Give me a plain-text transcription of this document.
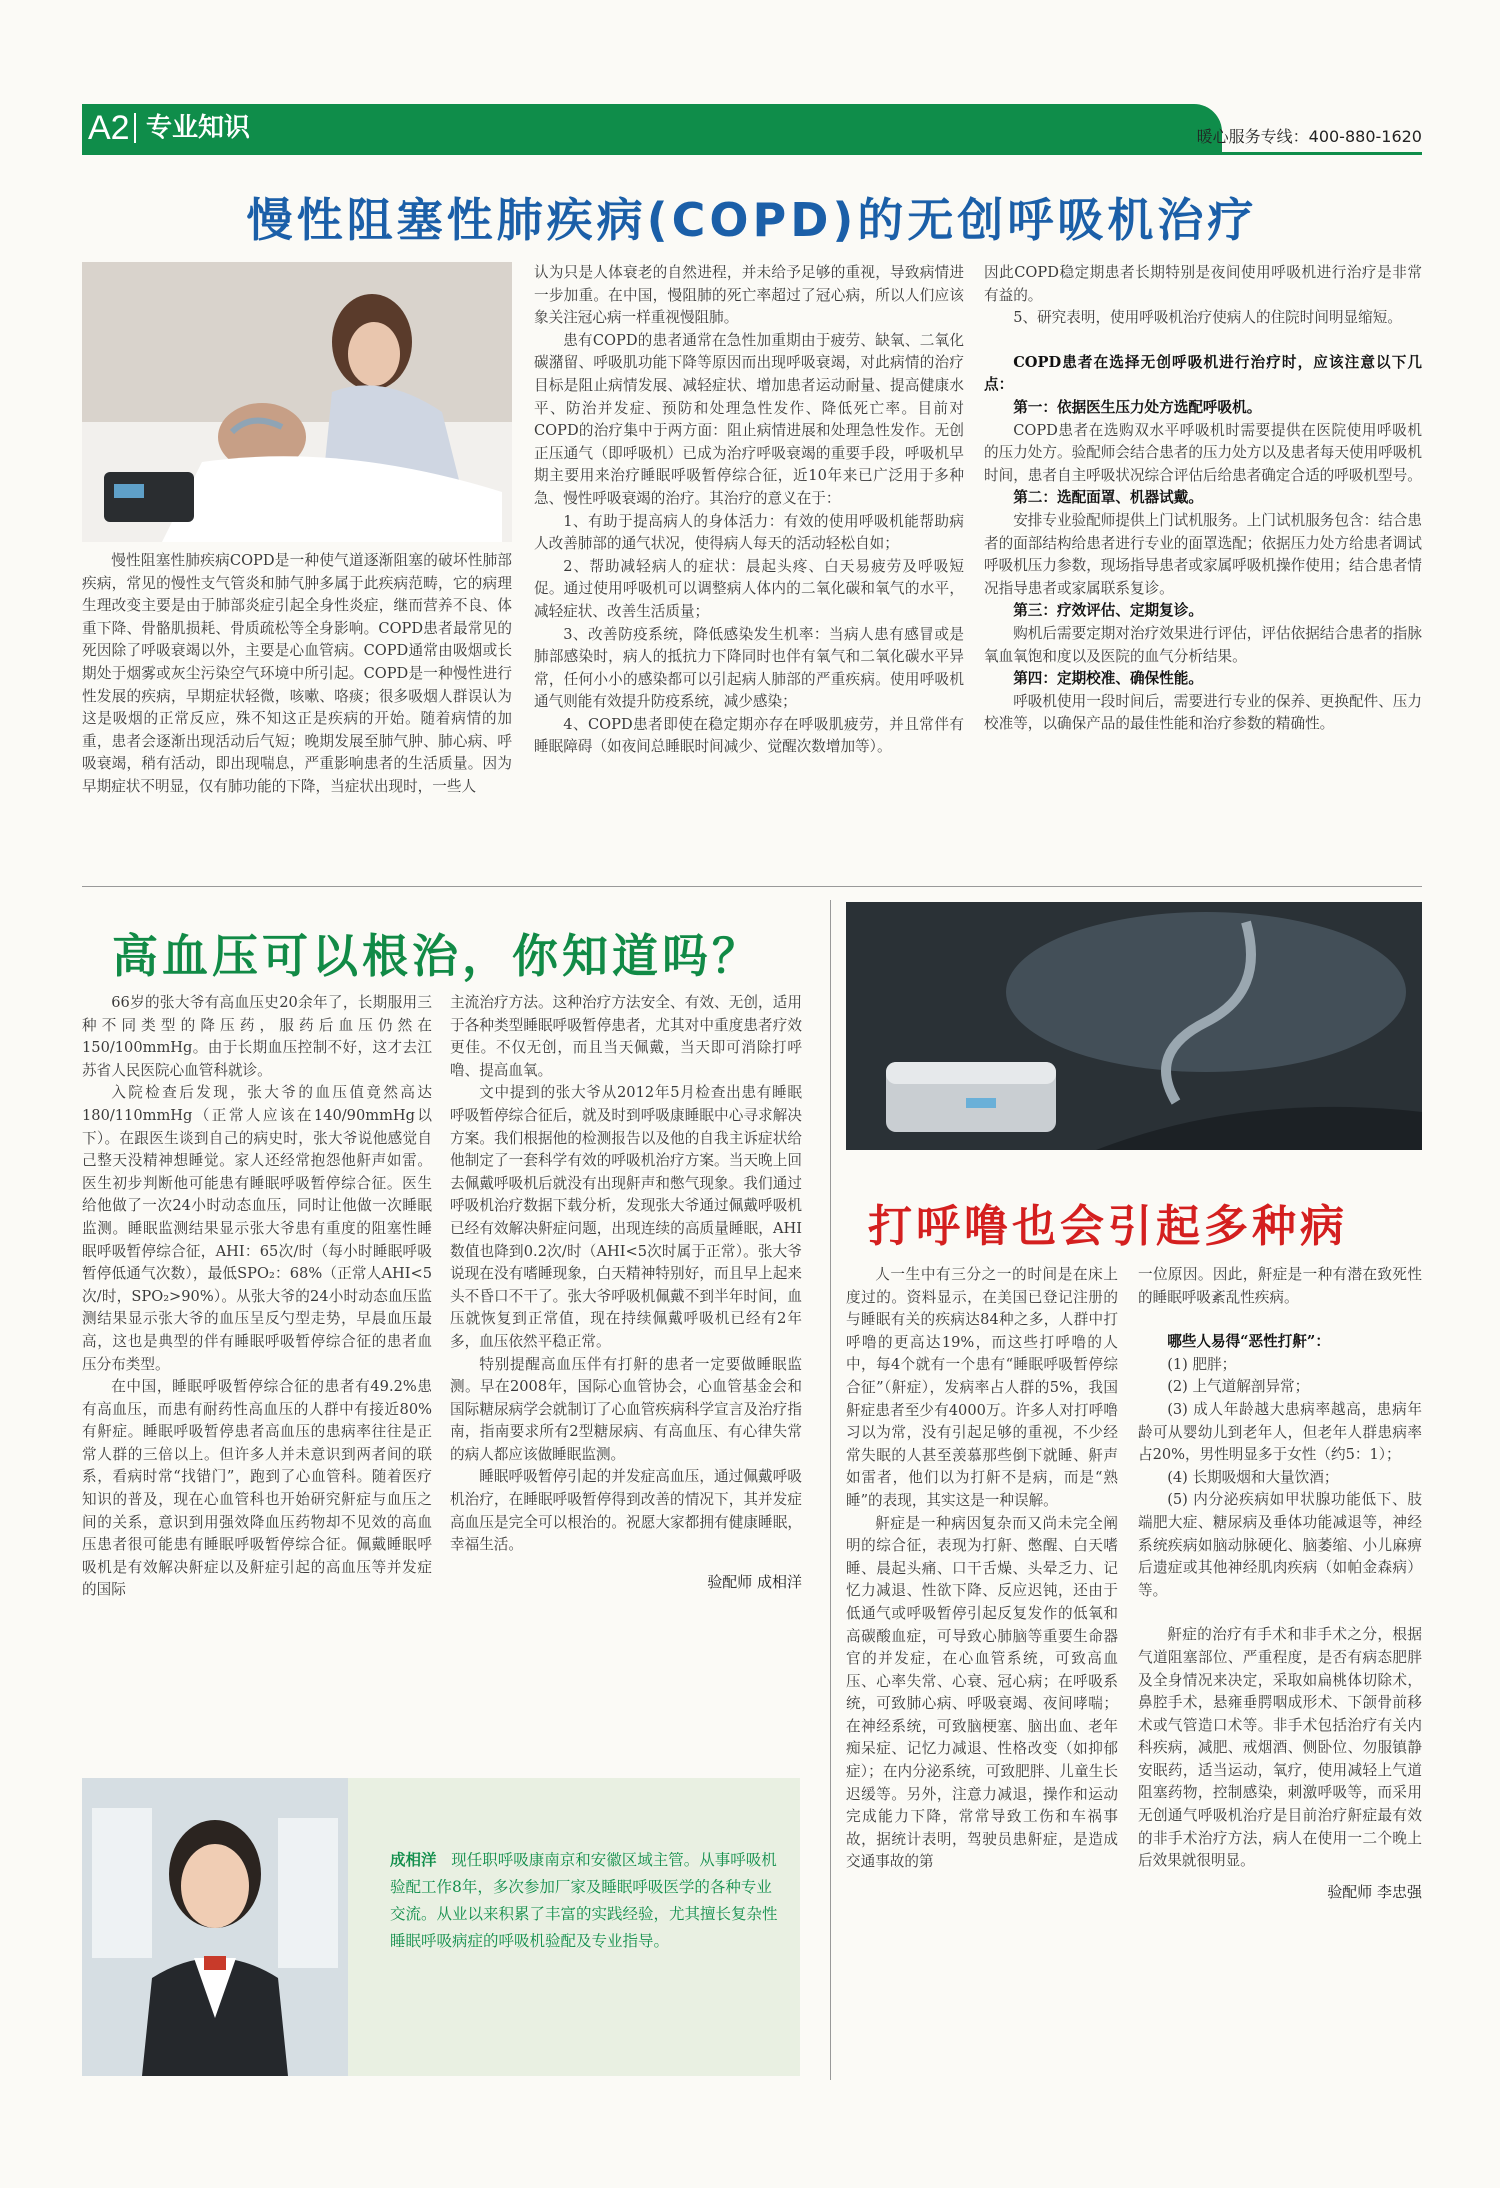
A2 专业知识	暖心服务专线：400-880-1620
慢性阻塞性肺疾病(COPD)的无创呼吸机治疗

慢性阻塞性肺疾病COPD是一种使气道逐渐阻塞的破坏性肺部疾病，常见的慢性支气管炎和肺气肿多属于此疾病范畴，它的病理生理改变主要是由于肺部炎症引起全身性炎症，继而营养不良、体重下降、骨骼肌损耗、骨质疏松等全身影响。COPD患者最常见的死因除了呼吸衰竭以外，主要是心血管病。COPD通常由吸烟或长期处于烟雾或灰尘污染空气环境中所引起。COPD是一种慢性进行性发展的疾病，早期症状轻微，咳嗽、咯痰；很多吸烟人群误认为这是吸烟的正常反应，殊不知这正是疾病的开始。随着病情的加重，患者会逐渐出现活动后气短；晚期发展至肺气肿、肺心病、呼吸衰竭，稍有活动，即出现喘息，严重影响患者的生活质量。因为早期症状不明显，仅有肺功能的下降，当症状出现时，一些人

认为只是人体衰老的自然进程，并未给予足够的重视，导致病情进一步加重。在中国，慢阻肺的死亡率超过了冠心病，所以人们应该象关注冠心病一样重视慢阻肺。

患有COPD的患者通常在急性加重期由于疲劳、缺氧、二氧化碳潴留、呼吸肌功能下降等原因而出现呼吸衰竭，对此病情的治疗目标是阻止病情发展、减轻症状、增加患者运动耐量、提高健康水平、防治并发症、预防和处理急性发作、降低死亡率。目前对COPD的治疗集中于两方面：阻止病情进展和处理急性发作。无创正压通气（即呼吸机）已成为治疗呼吸衰竭的重要手段，呼吸机早期主要用来治疗睡眠呼吸暂停综合征，近10年来已广泛用于多种急、慢性呼吸衰竭的治疗。其治疗的意义在于：

1、有助于提高病人的身体活力：有效的使用呼吸机能帮助病人改善肺部的通气状况，使得病人每天的活动轻松自如；

2、帮助减轻病人的症状：晨起头疼、白天易疲劳及呼吸短促。通过使用呼吸机可以调整病人体内的二氧化碳和氧气的水平，减轻症状、改善生活质量；

3、改善防疫系统，降低感染发生机率：当病人患有感冒或是肺部感染时，病人的抵抗力下降同时也伴有氧气和二氧化碳水平异常，任何小小的感染都可以引起病人肺部的严重疾病。使用呼吸机通气则能有效提升防疫系统，减少感染；

4、COPD患者即使在稳定期亦存在呼吸肌疲劳，并且常伴有睡眠障碍（如夜间总睡眠时间减少、觉醒次数增加等）。

因此COPD稳定期患者长期特别是夜间使用呼吸机进行治疗是非常有益的。

5、研究表明，使用呼吸机治疗使病人的住院时间明显缩短。

COPD患者在选择无创呼吸机进行治疗时，应该注意以下几点：

第一：依据医生压力处方选配呼吸机。

COPD患者在选购双水平呼吸机时需要提供在医院使用呼吸机的压力处方。验配师会结合患者的压力处方以及患者每天使用呼吸机时间，患者自主呼吸状况综合评估后给患者确定合适的呼吸机型号。

第二：选配面罩、机器试戴。

安排专业验配师提供上门试机服务。上门试机服务包含：结合患者的面部结构给患者进行专业的面罩选配；依据压力处方给患者调试呼吸机压力参数，现场指导患者或家属呼吸机操作使用；结合患者情况指导患者或家属联系复诊。

第三：疗效评估、定期复诊。

购机后需要定期对治疗效果进行评估，评估依据结合患者的指脉氧血氧饱和度以及医院的血气分析结果。

第四：定期校准、确保性能。

呼吸机使用一段时间后，需要进行专业的保养、更换配件、压力校准等，以确保产品的最佳性能和治疗参数的精确性。

高血压可以根治，你知道吗？

66岁的张大爷有高血压史20余年了，长期服用三种不同类型的降压药，服药后血压仍然在150/100mmHg。由于长期血压控制不好，这才去江苏省人民医院心血管科就诊。

入院检查后发现，张大爷的血压值竟然高达180/110mmHg（正常人应该在140/90mmHg以下）。在跟医生谈到自己的病史时，张大爷说他感觉自己整天没精神想睡觉。家人还经常抱怨他鼾声如雷。医生初步判断他可能患有睡眠呼吸暂停综合征。医生给他做了一次24小时动态血压，同时让他做一次睡眠监测。睡眠监测结果显示张大爷患有重度的阻塞性睡眠呼吸暂停综合征，AHI：65次/时（每小时睡眠呼吸暂停低通气次数），最低SPO₂：68%（正常人AHI<5次/时，SPO₂>90%）。从张大爷的24小时动态血压监测结果显示张大爷的血压呈反勺型走势，早晨血压最高，这也是典型的伴有睡眠呼吸暂停综合征的患者血压分布类型。

在中国，睡眠呼吸暂停综合征的患者有49.2%患有高血压，而患有耐药性高血压的人群中有接近80%有鼾症。睡眠呼吸暂停患者高血压的患病率往往是正常人群的三倍以上。但许多人并未意识到两者间的联系，看病时常“找错门”，跑到了心血管科。随着医疗知识的普及，现在心血管科也开始研究鼾症与血压之间的关系，意识到用强效降血压药物却不见效的高血压患者很可能患有睡眠呼吸暂停综合征。佩戴睡眠呼吸机是有效解决鼾症以及鼾症引起的高血压等并发症的国际

主流治疗方法。这种治疗方法安全、有效、无创，适用于各种类型睡眠呼吸暂停患者，尤其对中重度患者疗效更佳。不仅无创，而且当天佩戴，当天即可消除打呼噜、提高血氧。

文中提到的张大爷从2012年5月检查出患有睡眠呼吸暂停综合征后，就及时到呼吸康睡眠中心寻求解决方案。我们根据他的检测报告以及他的自我主诉症状给他制定了一套科学有效的呼吸机治疗方案。当天晚上回去佩戴呼吸机后就没有出现鼾声和憋气现象。我们通过呼吸机治疗数据下载分析，发现张大爷通过佩戴呼吸机已经有效解决鼾症问题，出现连续的高质量睡眠，AHI数值也降到0.2次/时（AHI<5次时属于正常）。张大爷说现在没有嗜睡现象，白天精神特别好，而且早上起来头不昏口不干了。张大爷呼吸机佩戴不到半年时间，血压就恢复到正常值，现在持续佩戴呼吸机已经有2年多，血压依然平稳正常。

特别提醒高血压伴有打鼾的患者一定要做睡眠监测。早在2008年，国际心血管协会，心血管基金会和国际糖尿病学会就制订了心血管疾病科学宣言及治疗指南，指南要求所有2型糖尿病、有高血压、有心律失常的病人都应该做睡眠监测。

睡眠呼吸暂停引起的并发症高血压，通过佩戴呼吸机治疗，在睡眠呼吸暂停得到改善的情况下，其并发症高血压是完全可以根治的。祝愿大家都拥有健康睡眠，幸福生活。

验配师 成相洋

成相洋 现任职呼吸康南京和安徽区域主管。从事呼吸机验配工作8年，多次参加厂家及睡眠呼吸医学的各种专业交流。从业以来积累了丰富的实践经验，尤其擅长复杂性睡眠呼吸病症的呼吸机验配及专业指导。
打呼噜也会引起多种病

人一生中有三分之一的时间是在床上度过的。资料显示，在美国已登记注册的与睡眠有关的疾病达84种之多，人群中打呼噜的更高达19%，而这些打呼噜的人中，每4个就有一个患有“睡眠呼吸暂停综合征”（鼾症），发病率占人群的5%，我国鼾症患者至少有4000万。许多人对打呼噜习以为常，没有引起足够的重视，不少经常失眠的人甚至羡慕那些倒下就睡、鼾声如雷者，他们以为打鼾不是病，而是“熟睡”的表现，其实这是一种误解。

鼾症是一种病因复杂而又尚未完全阐明的综合征，表现为打鼾、憋醒、白天嗜睡、晨起头痛、口干舌燥、头晕乏力、记忆力减退、性欲下降、反应迟钝，还由于低通气或呼吸暂停引起反复发作的低氧和高碳酸血症，可导致心肺脑等重要生命器官的并发症，在心血管系统，可致高血压、心率失常、心衰、冠心病；在呼吸系统，可致肺心病、呼吸衰竭、夜间哮喘；在神经系统，可致脑梗塞、脑出血、老年痴呆症、记忆力减退、性格改变（如抑郁症）；在内分泌系统，可致肥胖、儿童生长迟缓等。另外，注意力减退，操作和运动完成能力下降，常常导致工伤和车祸事故，据统计表明，驾驶员患鼾症，是造成交通事故的第

一位原因。因此，鼾症是一种有潜在致死性的睡眠呼吸紊乱性疾病。

哪些人易得“恶性打鼾”：

(1) 肥胖；

(2) 上气道解剖异常；

(3) 成人年龄越大患病率越高，患病年龄可从婴幼儿到老年人，但老年人群患病率占20%，男性明显多于女性（约5：1）；

(4) 长期吸烟和大量饮酒；

(5) 内分泌疾病如甲状腺功能低下、肢端肥大症、糖尿病及垂体功能减退等，神经系统疾病如脑动脉硬化、脑萎缩、小儿麻痹后遗症或其他神经肌肉疾病（如帕金森病）等。

鼾症的治疗有手术和非手术之分，根据气道阻塞部位、严重程度，是否有病态肥胖及全身情况来决定，采取如扁桃体切除术，鼻腔手术，悬雍垂腭咽成形术、下颌骨前移术或气管造口术等。非手术包括治疗有关内科疾病，减肥、戒烟酒、侧卧位、勿服镇静安眠药，适当运动，氧疗，使用减轻上气道阻塞药物，控制感染，刺激呼吸等，而采用无创通气呼吸机治疗是目前治疗鼾症最有效的非手术治疗方法，病人在使用一二个晚上后效果就很明显。

验配师 李忠强
